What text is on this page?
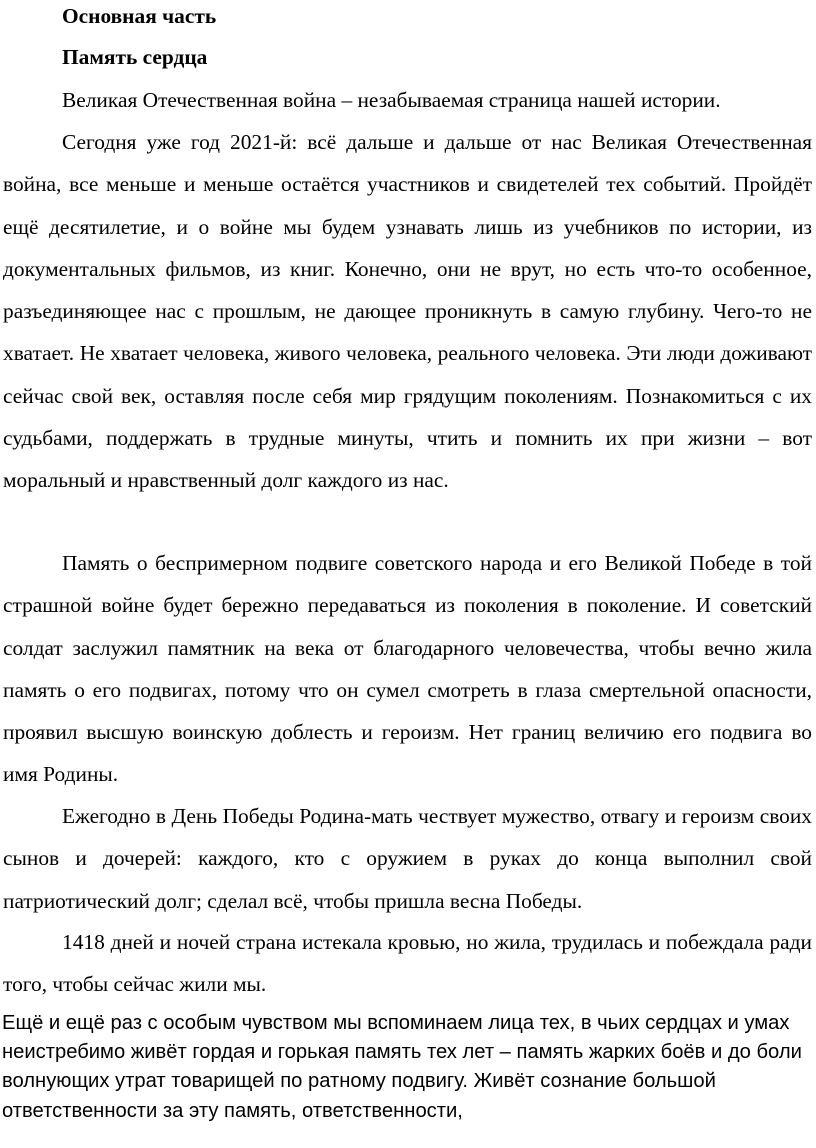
Основная часть
Память сердца

Великая Отечественная война – незабываемая страница нашей истории.

Сегодня уже год 2021-й: всё дальше и дальше от нас Великая Отечественная война, все меньше и меньше остаётся участников и свидетелей тех событий. Пройдёт ещё десятилетие, и о войне мы будем узнавать лишь из учебников по истории, из документальных фильмов, из книг. Конечно, они не врут, но есть что-то особенное, разъединяющее нас с прошлым, не дающее проникнуть в самую глубину. Чего-то не хватает. Не хватает человека, живого человека, реального человека. Эти люди доживают сейчас свой век, оставляя после себя мир грядущим поколениям. Познакомиться с их судьбами, поддержать в трудные минуты, чтить и помнить их при жизни – вот моральный и нравственный долг каждого из нас.

Память о беспримерном подвиге советского народа и его Великой Победе в той страшной войне будет бережно передаваться из поколения в поколение. И советский солдат заслужил памятник на века от благодарного человечества, чтобы вечно жила память о его подвигах, потому что он сумел смотреть в глаза смертельной опасности, проявил высшую воинскую доблесть и героизм. Нет границ величию его подвига во имя Родины.

Ежегодно в День Победы Родина-мать чествует мужество, отвагу и героизм своих сынов и дочерей: каждого, кто с оружием в руках до конца выполнил свой патриотический долг; сделал всё, чтобы пришла весна Победы.

1418 дней и ночей страна истекала кровью, но жила, трудилась и побеждала ради того, чтобы сейчас жили мы.

Ещё и ещё раз с особым чувством мы вспоминаем лица тех, в чьих сердцах и умах неистребимо живёт гордая и горькая память тех лет – память жарких боёв и до боли волнующих утрат товарищей по ратному подвигу. Живёт сознание большой ответственности за эту память, ответственности,
